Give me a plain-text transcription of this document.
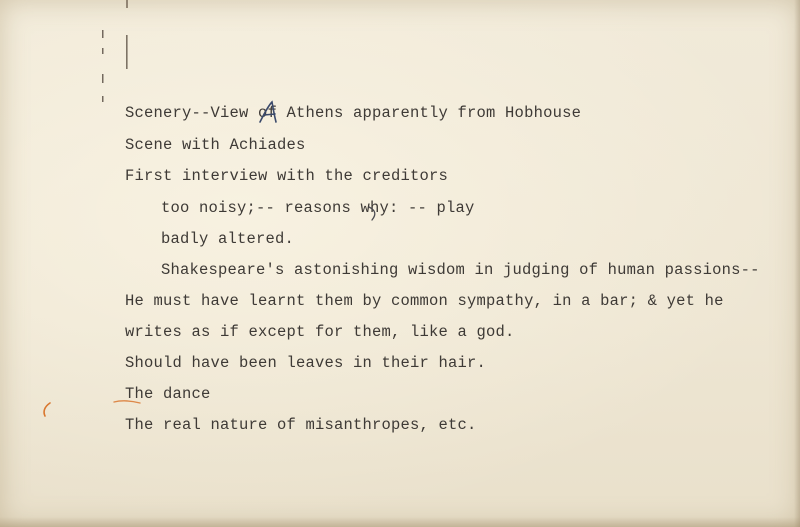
Scenery--View of Athens apparently from Hobhouse

Scene with Achiades

First interview with the creditors

too noisy;-- reasons why: -- play

badly altered.

Shakespeare's astonishing wisdom in judging of human passions--

He must have learnt them by common sympathy, in a bar; & yet he

writes as if except for them, like a god.

Should have been leaves in their hair.

The dance

The real nature of misanthropes, etc.
